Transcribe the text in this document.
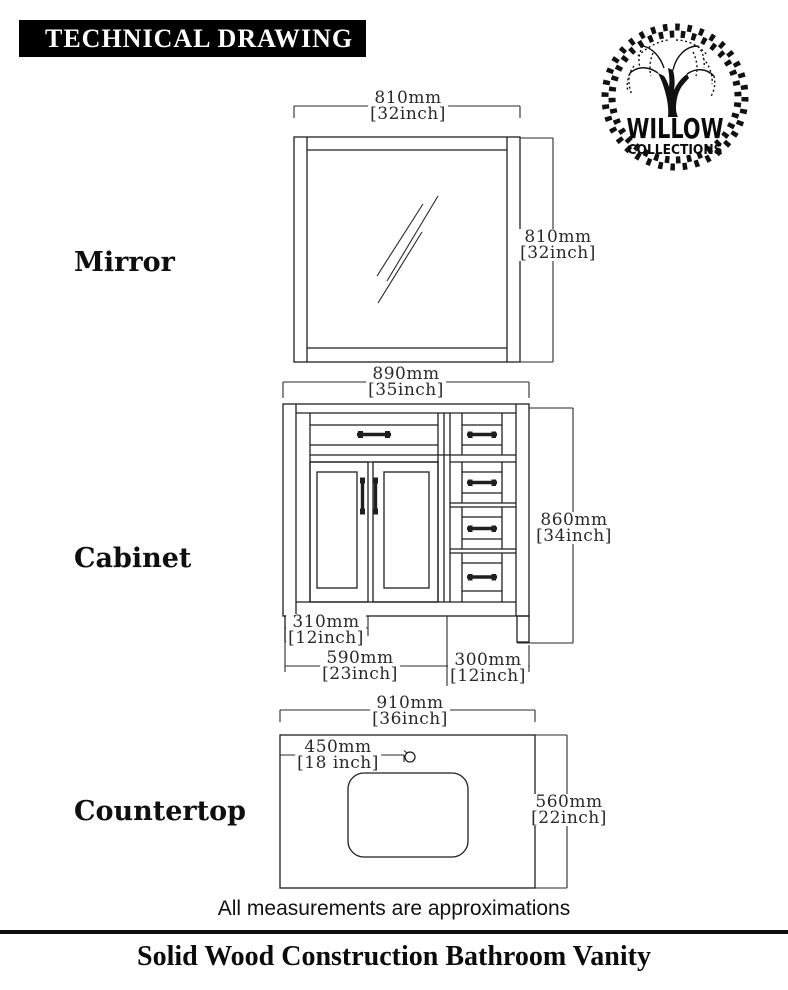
TECHNICAL DRAWING
WILLOW
COLLECTIONS
Mirror
Cabinet
Countertop
810mm
[32inch]
810mm
[32inch]
890mm
[35inch]
860mm
[34inch]
310mm
[12inch]
590mm
[23inch]
300mm
[12inch]
910mm
[36inch]
450mm
[18 inch]
560mm
[22inch]
All measurements are approximations
Solid Wood Construction Bathroom Vanity
